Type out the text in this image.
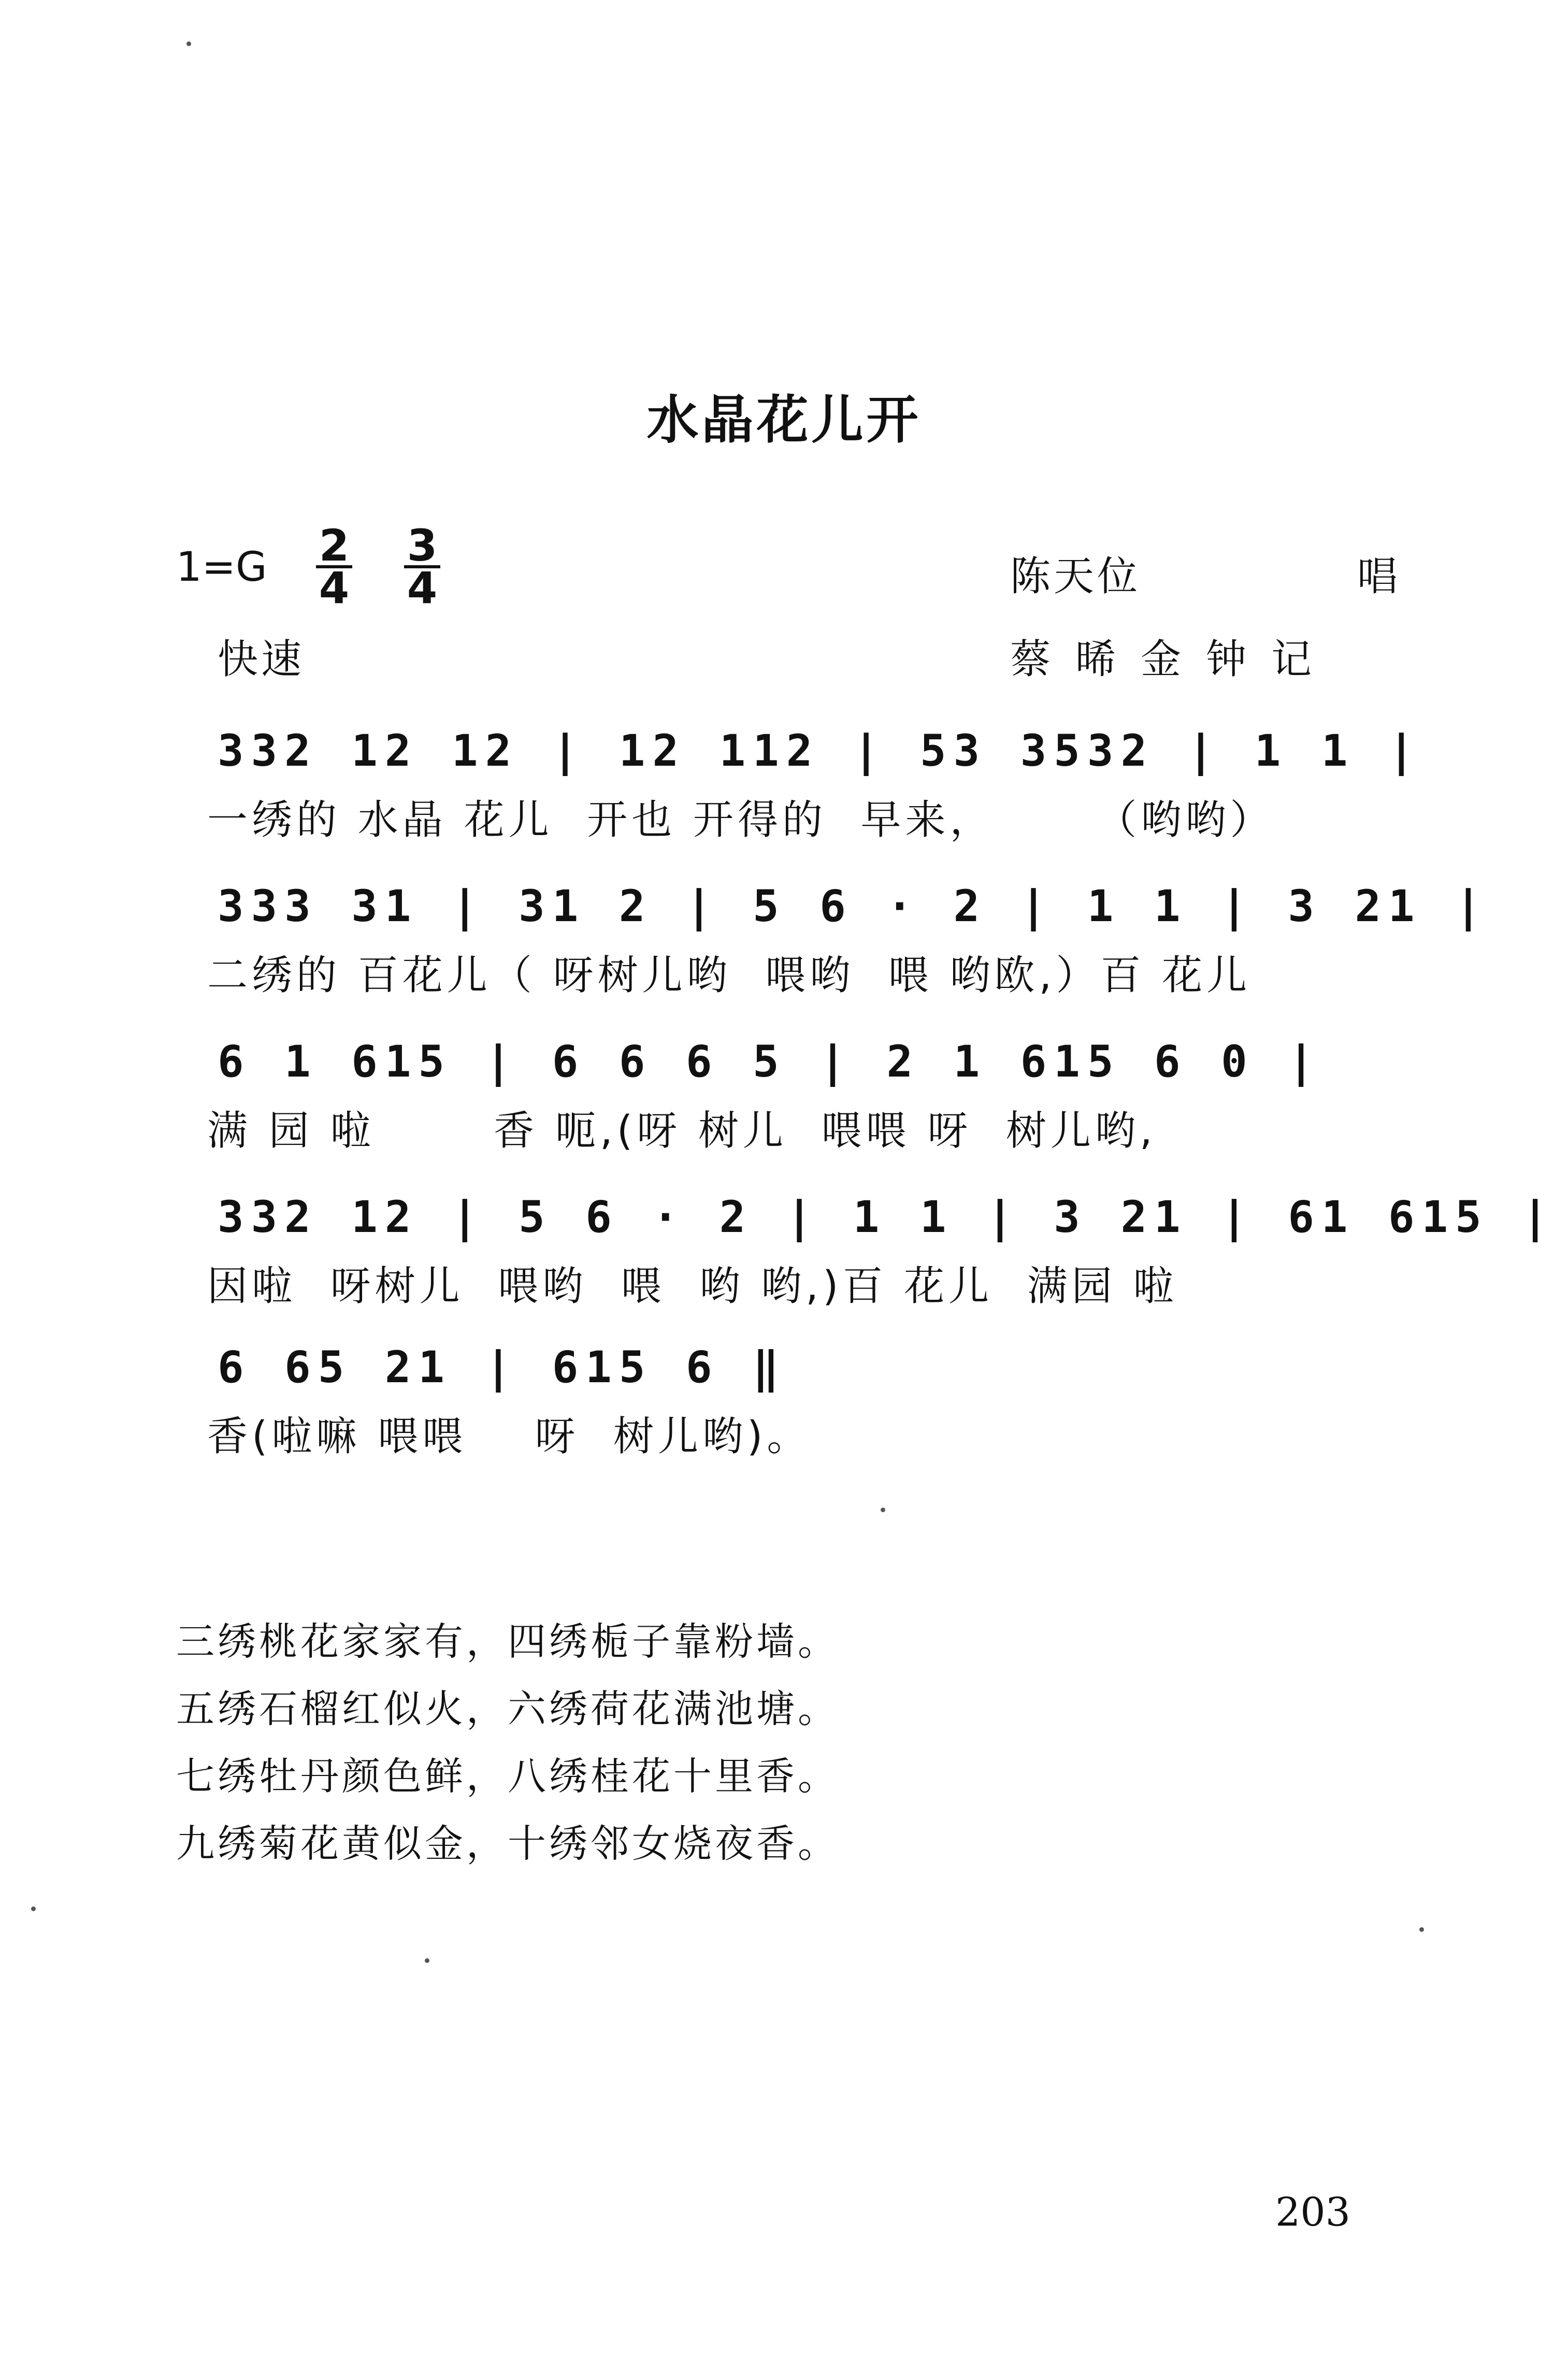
水晶花儿开
1=G 2
4
3
4	陈天位	唱
快速	蔡晞金钟记
332 12 12 | 12 112 | 53 3532 | 1 1 |
一绣的 水晶 花儿  开也 开得的  早来，      （哟哟）
333 31 | 31 2 | 5 6 · 2 | 1 1 | 3 21 |
二绣的 百花儿（ 呀树儿哟  喂哟  喂 哟欧,）百 花儿
6 1 615 | 6 6 6 5 | 2 1 615 6 0 |
满 园 啦       香 呃,(呀 树儿  喂喂 呀  树儿哟,
332 12 | 5 6 · 2 | 1 1 | 3 21 | 61 615 |
因啦  呀树儿  喂哟  喂  哟 哟,)百 花儿  满园 啦
6 65 21 | 615 6 ‖
香(啦嘛 喂喂    呀  树儿哟)。
三绣桃花家家有，四绣栀子靠粉墙。
五绣石榴红似火，六绣荷花满池塘。
七绣牡丹颜色鲜，八绣桂花十里香。
九绣菊花黄似金，十绣邻女烧夜香。
203
